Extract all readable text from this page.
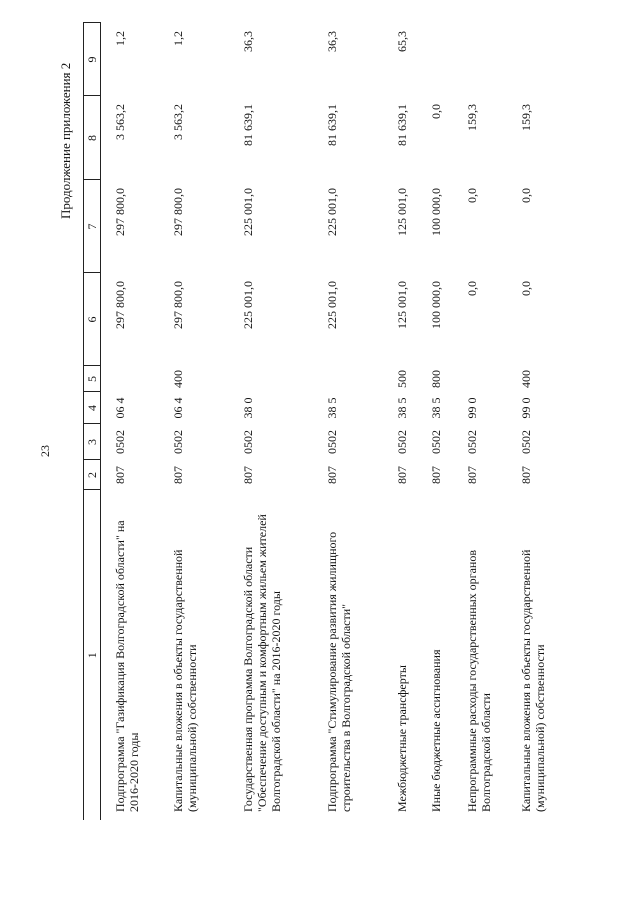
23
Продолжение приложения 2
1	2	3	4	5	6	7	8	9
Подпрограмма "Газификация Волгоградской области" на 2016-2020 годы	807	0502	06 4		297 800,0	297 800,0	3 563,2	1,2
Капитальные вложения в объекты государственной (муниципальной) собственности	807	0502	06 4	400	297 800,0	297 800,0	3 563,2	1,2
Государственная программа Волгоградской области "Обеспечение доступным и комфортным жильем жителей Волгоградской области" на 2016-2020 годы	807	0502	38 0		225 001,0	225 001,0	81 639,1	36,3
Подпрограмма "Стимулирование развития жилищного строительства в Волгоградской области"	807	0502	38 5		225 001,0	225 001,0	81 639,1	36,3
Межбюджетные трансферты	807	0502	38 5	500	125 001,0	125 001,0	81 639,1	65,3
Иные бюджетные ассигнования	807	0502	38 5	800	100 000,0	100 000,0	0,0	
Непрограммные расходы государственных органов Волгоградской области	807	0502	99 0		0,0	0,0	159,3	
Капитальные вложения в объекты государственной (муниципальной) собственности	807	0502	99 0	400	0,0	0,0	159,3	
